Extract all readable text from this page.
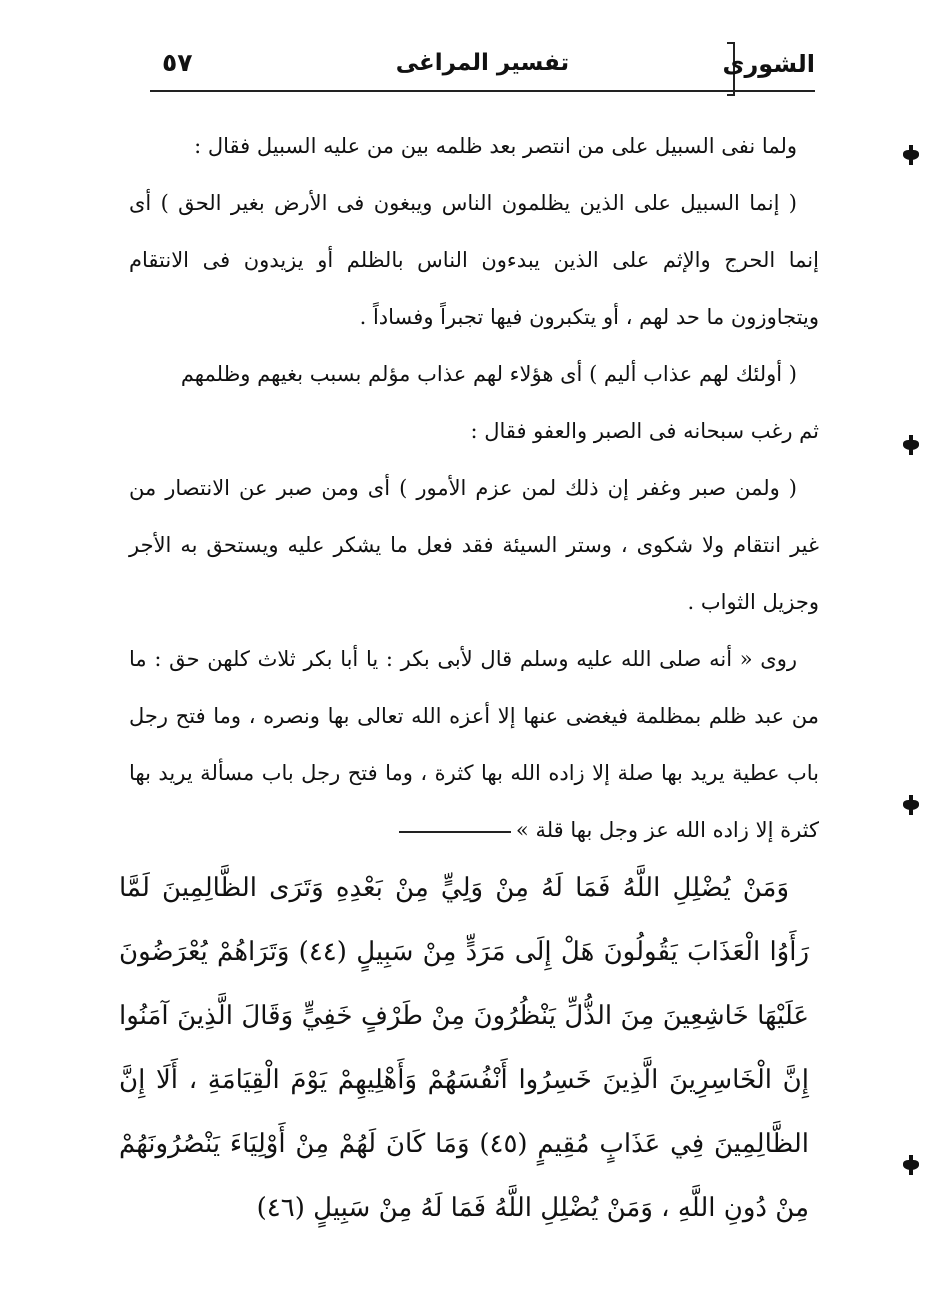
٥٧	تفسير المراغى	الشورى

ولما نفى السبيل على من انتصر بعد ظلمه بين من عليه السبيل فقال :

( إنما السبيل على الذين يظلمون الناس ويبغون فى الأرض بغير الحق ) أى إنما الحرج والإثم على الذين يبدءون الناس بالظلم أو يزيدون فى الانتقام ويتجاوزون ما حد لهم ، أو يتكبرون فيها تجبراً وفساداً .

( أولئك لهم عذاب أليم ) أى هؤلاء لهم عذاب مؤلم بسبب بغيهم وظلمهم

ثم رغب سبحانه فى الصبر والعفو فقال :

( ولمن صبر وغفر إن ذلك لمن عزم الأمور ) أى ومن صبر عن الانتصار من غير انتقام ولا شكوى ، وستر السيئة فقد فعل ما يشكر عليه ويستحق به الأجر وجزيل الثواب .

روى « أنه صلى الله عليه وسلم قال لأبى بكر : يا أبا بكر ثلاث كلهن حق : ما من عبد ظلم بمظلمة فيغضى عنها إلا أعزه الله تعالى بها ونصره ، وما فتح رجل باب عطية يريد بها صلة إلا زاده الله بها كثرة ، وما فتح رجل باب مسألة يريد بها كثرة إلا زاده الله عز وجل بها قلة »

وَمَنْ يُضْلِلِ اللَّهُ فَمَا لَهُ مِنْ وَلِيٍّ مِنْ بَعْدِهِ وَتَرَى الظَّالِمِينَ لَمَّا رَأَوُا الْعَذَابَ يَقُولُونَ هَلْ إِلَى مَرَدٍّ مِنْ سَبِيلٍ (٤٤) وَتَرَاهُمْ يُعْرَضُونَ عَلَيْهَا خَاشِعِينَ مِنَ الذُّلِّ يَنْظُرُونَ مِنْ طَرْفٍ خَفِيٍّ وَقَالَ الَّذِينَ آمَنُوا إِنَّ الْخَاسِرِينَ الَّذِينَ خَسِرُوا أَنْفُسَهُمْ وَأَهْلِيهِمْ يَوْمَ الْقِيَامَةِ ، أَلَا إِنَّ الظَّالِمِينَ فِي عَذَابٍ مُقِيمٍ (٤٥) وَمَا كَانَ لَهُمْ مِنْ أَوْلِيَاءَ يَنْصُرُونَهُمْ مِنْ دُونِ اللَّهِ ، وَمَنْ يُضْلِلِ اللَّهُ فَمَا لَهُ مِنْ سَبِيلٍ (٤٦)
